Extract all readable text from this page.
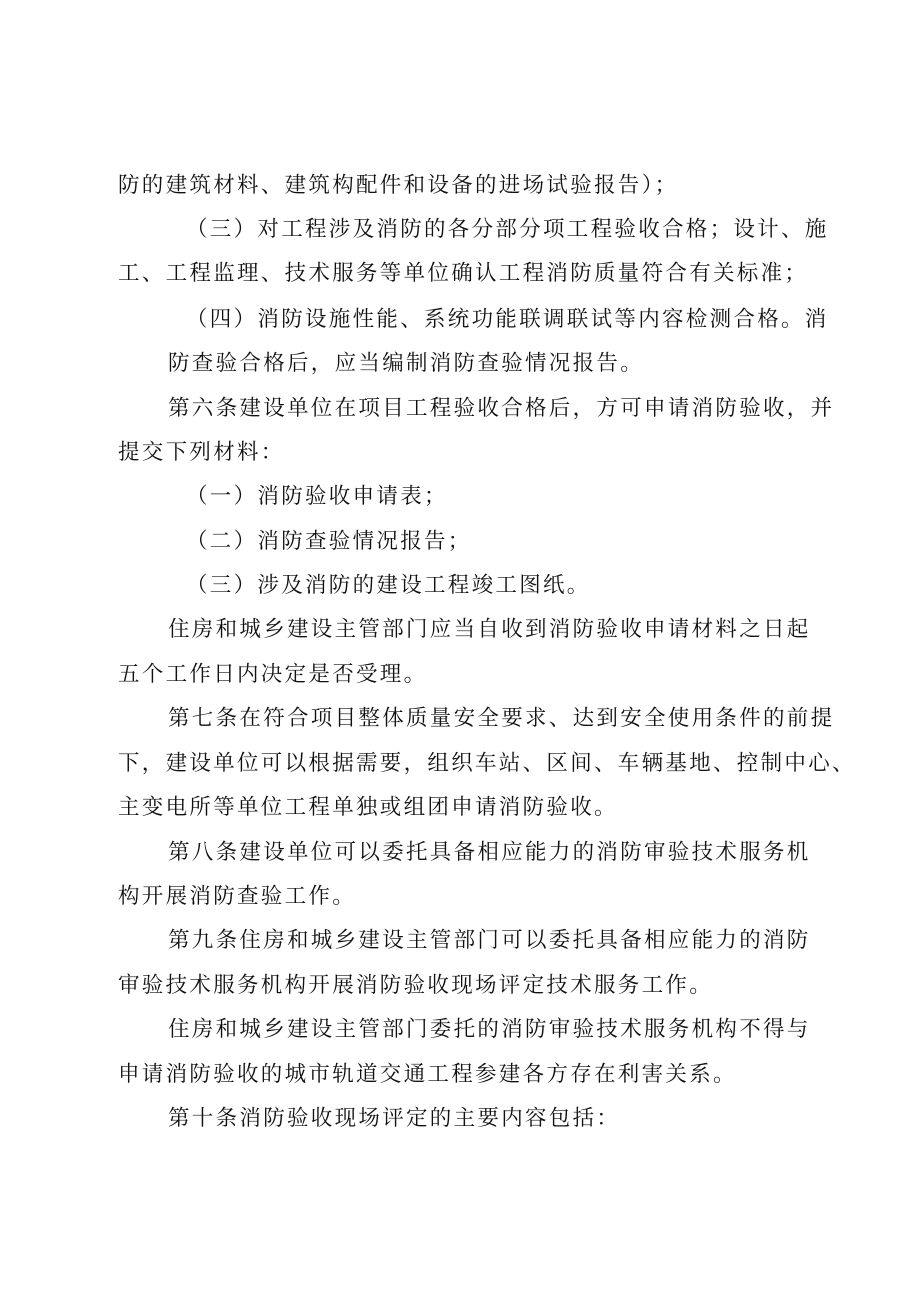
防的建筑材料、建筑构配件和设备的进场试验报告）；
（三）对工程涉及消防的各分部分项工程验收合格；设计、施
工、工程监理、技术服务等单位确认工程消防质量符合有关标准；
（四）消防设施性能、系统功能联调联试等内容检测合格。消
防查验合格后，应当编制消防查验情况报告。
第六条建设单位在项目工程验收合格后，方可申请消防验收，并
提交下列材料：
（一）消防验收申请表；
（二）消防查验情况报告；
（三）涉及消防的建设工程竣工图纸。
住房和城乡建设主管部门应当自收到消防验收申请材料之日起
五个工作日内决定是否受理。
第七条在符合项目整体质量安全要求、达到安全使用条件的前提
下，建设单位可以根据需要，组织车站、区间、车辆基地、控制中心、
主变电所等单位工程单独或组团申请消防验收。
第八条建设单位可以委托具备相应能力的消防审验技术服务机
构开展消防查验工作。
第九条住房和城乡建设主管部门可以委托具备相应能力的消防
审验技术服务机构开展消防验收现场评定技术服务工作。
住房和城乡建设主管部门委托的消防审验技术服务机构不得与
申请消防验收的城市轨道交通工程参建各方存在利害关系。
第十条消防验收现场评定的主要内容包括：
